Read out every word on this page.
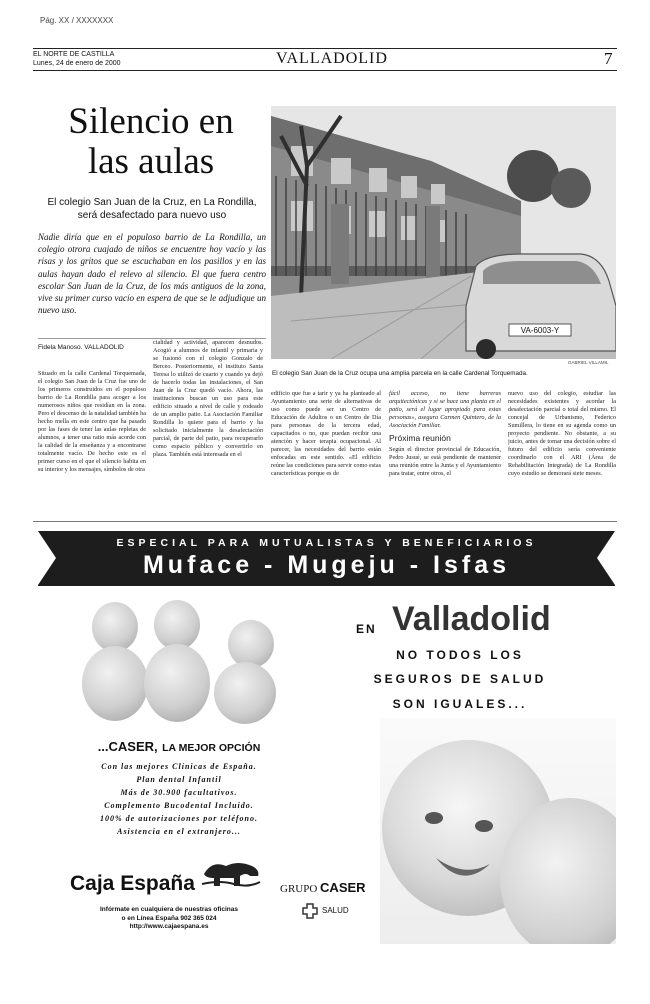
Pág. XX / XXXXXXX
EL NORTE DE CASTILLA
Lunes, 24 de enero de 2000	VALLADOLID	7
Silencio en
las aulas
El colegio San Juan de la Cruz, en La Rondilla, será desafectado para nuevo uso
Nadie diría que en el populoso barrio de La Rondilla, un colegio otrora cuajado de niños se encuentre hoy vacío y las risas y los gritos que se escuchaban en los pasillos y en las aulas hayan dado el relevo al silencio. El que fuera centro escolar San Juan de la Cruz, de los más antiguos de la zona, vive su primer curso vacío en espera de que se le adjudique un nuevo uso.
Fidela Manoso. VALLADOLID
VA-6003-Y
GABRIEL VILLAMIL
El colegio San Juan de la Cruz ocupa una amplia parcela en la calle Cardenal Torquemada.
Situado en la calle Cardenal Torquemada, el colegio San Juan de la Cruz fue uno de los primeros construidos en el populoso barrio de La Rondilla para acoger a los numerosos niños que residían en la zona. Pero el descenso de la natalidad también ha hecho mella en este centro que ha pasado por las fases de tener las aulas repletas de alumnos, a tener una ratio más acorde con la calidad de la enseñanza y a encontrarse totalmente vacío. De hecho este es el primer curso en el que el silencio habita en su interior y los mensajes, símbolos de otra
cialidad y actividad, aparecen desnudos. Acogió a alumnos de infantil y primaria y se fusionó con el colegio Gonzalo de Berceo. Posteriormente, el instituto Santa Teresa lo utilizó de cuarto y cuando ya dejó de hacerlo todas las instalaciones, el San Juan de la Cruz quedó vacío. Ahora, las instituciones buscan un uso para este edificio situado a nivel de calle y rodeado de un amplio patio. La Asociación Familiar Rondilla lo quiere para el barrio y ha solicitado inicialmente la desafectación parcial, de parte del patio, para recuperarlo como espacio público y convertirlo en plaza. También está interesada en el
edificio que fue a tarir y ya ha planteado al Ayuntamiento una serie de alternativas de uso como puede ser un Centro de Educación de Adultos o un Centro de Día para personas de la tercera edad, capacitados o no, que puedan recibir una atención y hacer terapia ocupacional. Al parecer, las necesidades del barrio están enfocadas en este sentido. «El edificio reúne las condiciones para servir como estas características porque es de

fácil acceso, no tiene barreras arquitectónicas y si se hace una planta en el patio, será el lugar apropiado para estas personas», asegura Carmen Quintero, de la Asociación Familiar.

Próxima reunión

Según el director provincial de Educación, Pedro Jusué, se está pendiente de mantener una reunión entre la Junta y el Ayuntamiento para tratar, entre otros, el

nuevo uso del colegio, estudiar las necesidades existentes y acordar la desafectación parcial o total del mismo. El concejal de Urbanismo, Federico Sumillera, lo tiene en su agenda como un proyecto pendiente. No obstante, a su juicio, antes de tomar una decisión sobre el futuro del edificio sería conveniente coordinarlo con el ARI (Área de Rehabilitación Integrada) de La Rondilla cuyo estudio se demorará siete meses.
ESPECIAL PARA MUTUALISTAS Y BENEFICIARIOS
Muface - Mugeju - Isfas
EN Valladolid
NO TODOS LOS
SEGUROS DE SALUD
SON IGUALES...
...CASER, LA MEJOR OPCIÓN
Con las mejores Clínicas de España.
Plan dental Infantil
Más de 30.900 facultativos.
Complemento Bucodental Incluido.
100% de autorizaciones por teléfono.
Asistencia en el extranjero...
Caja España
Infórmate en cualquiera de nuestras oficinas
o en Línea España 902 365 024
http://www.cajaespana.es
GRUPO CASER
SALUD
